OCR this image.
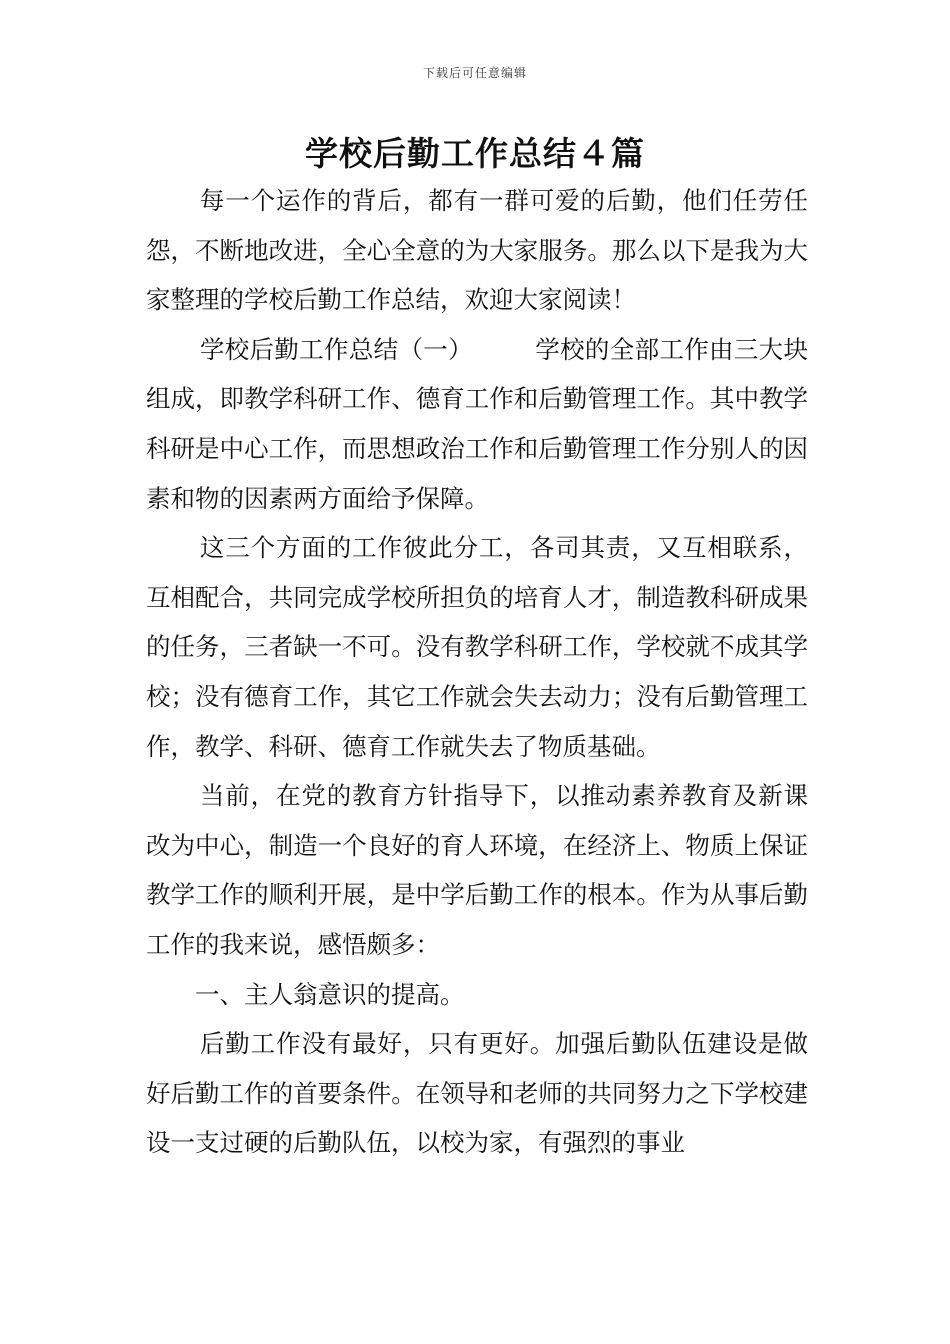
下载后可任意编辑
学校后勤工作总结４篇

每一个运作的背后，都有一群可爱的后勤，他们任劳任怨，不断地改进，全心全意的为大家服务。那么以下是我为大家整理的学校后勤工作总结，欢迎大家阅读！

学校后勤工作总结（一）	学校的全部工作由三大块组成，即教学科研工作、德育工作和后勤管理工作。其中教学科研是中心工作，而思想政治工作和后勤管理工作分别人的因素和物的因素两方面给予保障。

这三个方面的工作彼此分工，各司其责，又互相联系，互相配合，共同完成学校所担负的培育人才，制造教科研成果的任务，三者缺一不可。没有教学科研工作，学校就不成其学校；没有德育工作，其它工作就会失去动力；没有后勤管理工作，教学、科研、德育工作就失去了物质基础。

当前，在党的教育方针指导下，以推动素养教育及新课改为中心，制造一个良好的育人环境，在经济上、物质上保证教学工作的顺利开展，是中学后勤工作的根本。作为从事后勤工作的我来说，感悟颇多：

一、主人翁意识的提高。

后勤工作没有最好，只有更好。加强后勤队伍建设是做好后勤工作的首要条件。在领导和老师的共同努力之下学校建设一支过硬的后勤队伍，以校为家，有强烈的事业
